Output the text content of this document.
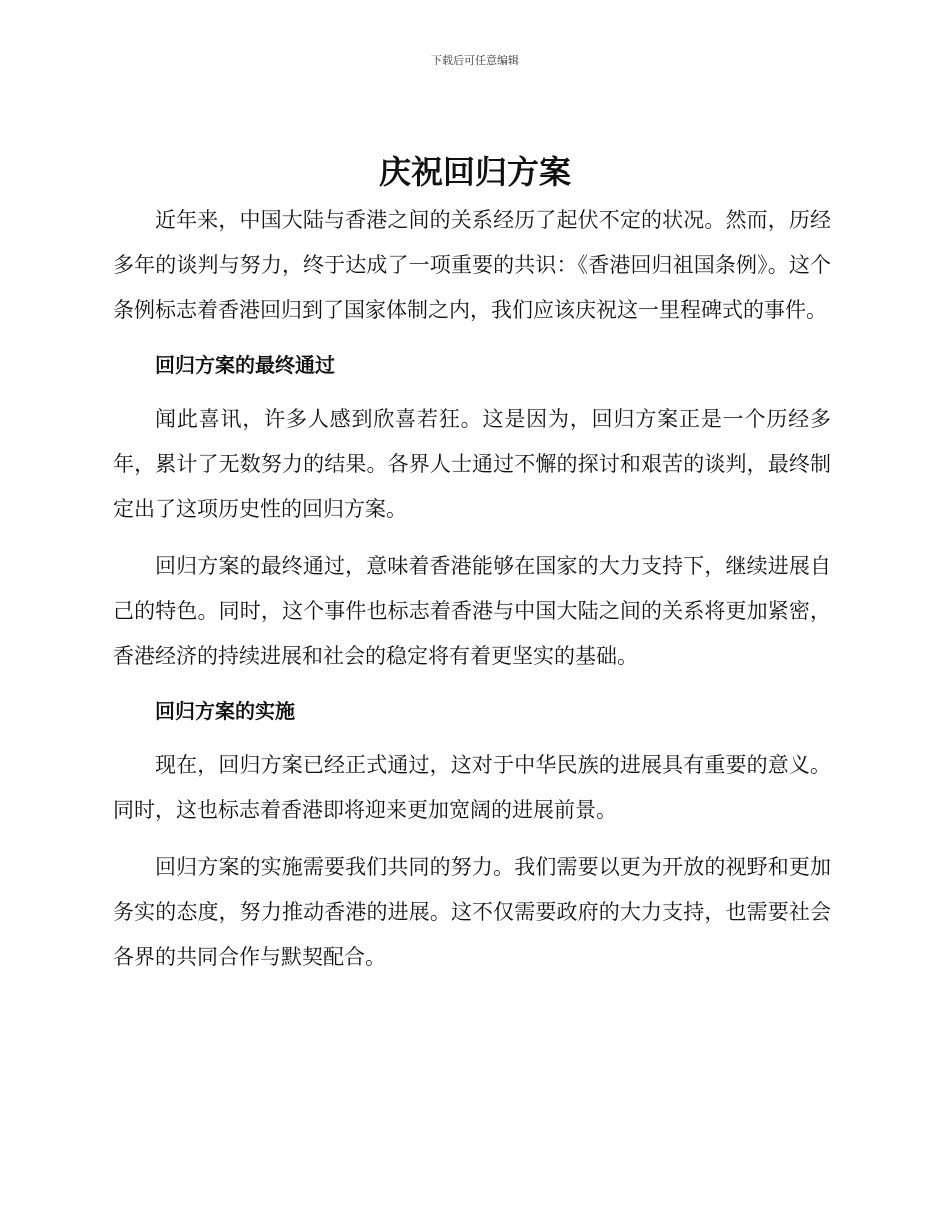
下载后可任意编辑
庆祝回归方案

近年来，中国大陆与香港之间的关系经历了起伏不定的状况。然而，历经多年的谈判与努力，终于达成了一项重要的共识：《香港回归祖国条例》。这个条例标志着香港回归到了国家体制之内，我们应该庆祝这一里程碑式的事件。

回归方案的最终通过

闻此喜讯，许多人感到欣喜若狂。这是因为，回归方案正是一个历经多年，累计了无数努力的结果。各界人士通过不懈的探讨和艰苦的谈判，最终制定出了这项历史性的回归方案。

回归方案的最终通过，意味着香港能够在国家的大力支持下，继续进展自己的特色。同时，这个事件也标志着香港与中国大陆之间的关系将更加紧密，香港经济的持续进展和社会的稳定将有着更坚实的基础。

回归方案的实施

现在，回归方案已经正式通过，这对于中华民族的进展具有重要的意义。同时，这也标志着香港即将迎来更加宽阔的进展前景。

回归方案的实施需要我们共同的努力。我们需要以更为开放的视野和更加务实的态度，努力推动香港的进展。这不仅需要政府的大力支持，也需要社会各界的共同合作与默契配合。
